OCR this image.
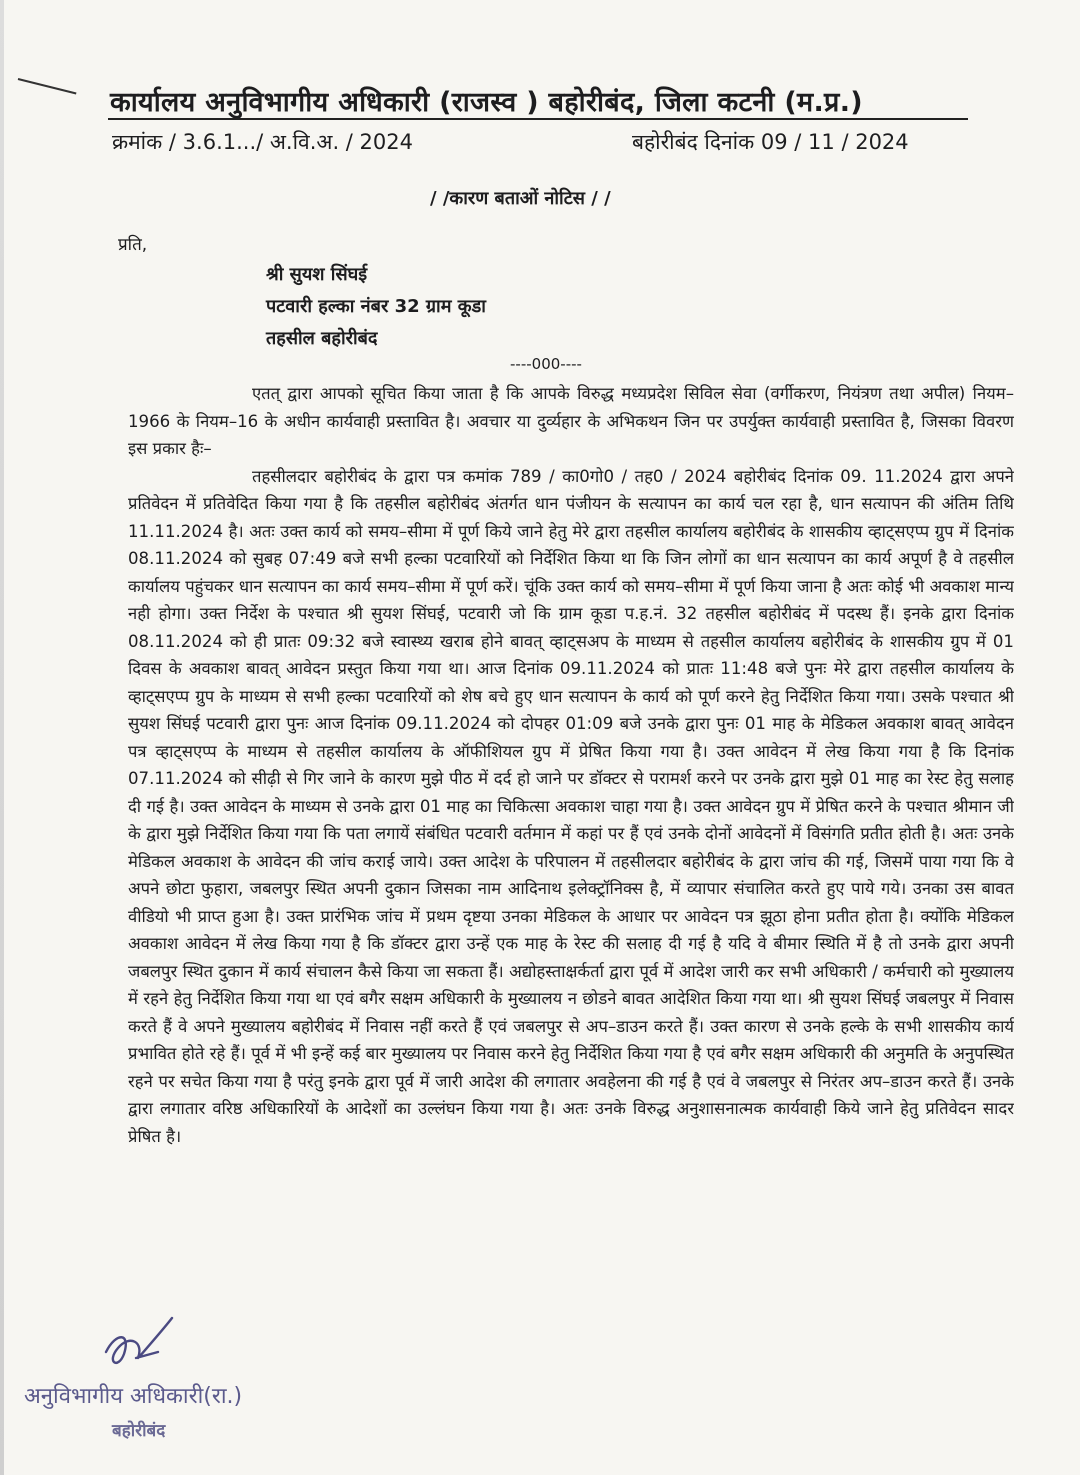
कार्यालय अनुविभागीय अधिकारी (राजस्व ) बहोरीबंद, जिला कटनी (म.प्र.)
क्रमांक / 3.6.1.../ अ.वि.अ. / 2024	बहोरीबंद दिनांक 09 / 11 / 2024
/ /कारण बताओं नोटिस / /
प्रति,
श्री सुयश सिंघई
पटवारी हल्का नंबर 32 ग्राम कूडा
तहसील बहोरीबंद
----000----

एतत् द्वारा आपको सूचित किया जाता है कि आपके विरुद्ध मध्यप्रदेश सिविल सेवा (वर्गीकरण, नियंत्रण तथा अपील) नियम–1966 के नियम–16 के अधीन कार्यवाही प्रस्तावित है। अवचार या दुर्व्यहार के अभिकथन जिन पर उपर्युक्त कार्यवाही प्रस्तावित है, जिसका विवरण इस प्रकार हैः–

तहसीलदार बहोरीबंद के द्वारा पत्र कमांक 789 / का0गो0 / तह0 / 2024 बहोरीबंद दिनांक 09. 11.2024 द्वारा अपने प्रतिवेदन में प्रतिवेदित किया गया है कि तहसील बहोरीबंद अंतर्गत धान पंजीयन के सत्यापन का कार्य चल रहा है, धान सत्यापन की अंतिम तिथि 11.11.2024 है। अतः उक्त कार्य को समय–सीमा में पूर्ण किये जाने हेतु मेरे द्वारा तहसील कार्यालय बहोरीबंद के शासकीय व्हाट्सएप्प ग्रुप में दिनांक 08.11.2024 को सुबह 07:49 बजे सभी हल्का पटवारियों को निर्देशित किया था कि जिन लोगों का धान सत्यापन का कार्य अपूर्ण है वे तहसील कार्यालय पहुंचकर धान सत्यापन का कार्य समय–सीमा में पूर्ण करें। चूंकि उक्त कार्य को समय–सीमा में पूर्ण किया जाना है अतः कोई भी अवकाश मान्य नही होगा। उक्त निर्देश के पश्चात श्री सुयश सिंघई, पटवारी जो कि ग्राम कूडा प.ह.नं. 32 तहसील बहोरीबंद में पदस्थ हैं। इनके द्वारा दिनांक 08.11.2024 को ही प्रातः 09:32 बजे स्वास्थ्य खराब होने बावत् व्हाट्सअप के माध्यम से तहसील कार्यालय बहोरीबंद के शासकीय ग्रुप में 01 दिवस के अवकाश बावत् आवेदन प्रस्तुत किया गया था। आज दिनांक 09.11.2024 को प्रातः 11:48 बजे पुनः मेरे द्वारा तहसील कार्यालय के व्हाट्सएप्प ग्रुप के माध्यम से सभी हल्का पटवारियों को शेष बचे हुए धान सत्यापन के कार्य को पूर्ण करने हेतु निर्देशित किया गया। उसके पश्चात श्री सुयश सिंघई पटवारी द्वारा पुनः आज दिनांक 09.11.2024 को दोपहर 01:09 बजे उनके द्वारा पुनः 01 माह के मेडिकल अवकाश बावत् आवेदन पत्र व्हाट्सएप्प के माध्यम से तहसील कार्यालय के ऑफीशियल ग्रुप में प्रेषित किया गया है। उक्त आवेदन में लेख किया गया है कि दिनांक 07.11.2024 को सीढ़ी से गिर जाने के कारण मुझे पीठ में दर्द हो जाने पर डॉक्टर से परामर्श करने पर उनके द्वारा मुझे 01 माह का रेस्ट हेतु सलाह दी गई है। उक्त आवेदन के माध्यम से उनके द्वारा 01 माह का चिकित्सा अवकाश चाहा गया है। उक्त आवेदन ग्रुप में प्रेषित करने के पश्चात श्रीमान जी के द्वारा मुझे निर्देशित किया गया कि पता लगायें संबंधित पटवारी वर्तमान में कहां पर हैं एवं उनके दोनों आवेदनों में विसंगति प्रतीत होती है। अतः उनके मेडिकल अवकाश के आवेदन की जांच कराई जाये। उक्त आदेश के परिपालन में तहसीलदार बहोरीबंद के द्वारा जांच की गई, जिसमें पाया गया कि वे अपने छोटा फुहारा, जबलपुर स्थित अपनी दुकान जिसका नाम आदिनाथ इलेक्ट्रॉनिक्स है, में व्यापार संचालित करते हुए पाये गये। उनका उस बावत वीडियो भी प्राप्त हुआ है। उक्त प्रारंभिक जांच में प्रथम दृष्टया उनका मेडिकल के आधार पर आवेदन पत्र झूठा होना प्रतीत होता है। क्योंकि मेडिकल अवकाश आवेदन में लेख किया गया है कि डॉक्टर द्वारा उन्हें एक माह के रेस्ट की सलाह दी गई है यदि वे बीमार स्थिति में है तो उनके द्वारा अपनी जबलपुर स्थित दुकान में कार्य संचालन कैसे किया जा सकता हैं। अद्योहस्ताक्षर्कर्ता द्वारा पूर्व में आदेश जारी कर सभी अधिकारी / कर्मचारी को मुख्यालय में रहने हेतु निर्देशित किया गया था एवं बगैर सक्षम अधिकारी के मुख्यालय न छोडने बावत आदेशित किया गया था। श्री सुयश सिंघई जबलपुर में निवास करते हैं वे अपने मुख्यालय बहोरीबंद में निवास नहीं करते हैं एवं जबलपुर से अप–डाउन करते हैं। उक्त कारण से उनके हल्के के सभी शासकीय कार्य प्रभावित होते रहे हैं। पूर्व में भी इन्हें कई बार मुख्यालय पर निवास करने हेतु निर्देशित किया गया है एवं बगैर सक्षम अधिकारी की अनुमति के अनुपस्थित रहने पर सचेत किया गया है परंतु इनके द्वारा पूर्व में जारी आदेश की लगातार अवहेलना की गई है एवं वे जबलपुर से निरंतर अप–डाउन करते हैं। उनके द्वारा लगातार वरिष्ठ अधिकारियों के आदेशों का उल्लंघन किया गया है। अतः उनके विरुद्ध अनुशासनात्मक कार्यवाही किये जाने हेतु प्रतिवेदन सादर प्रेषित है।

अनुविभागीय अधिकारी(रा.)
बहोरीबंद
